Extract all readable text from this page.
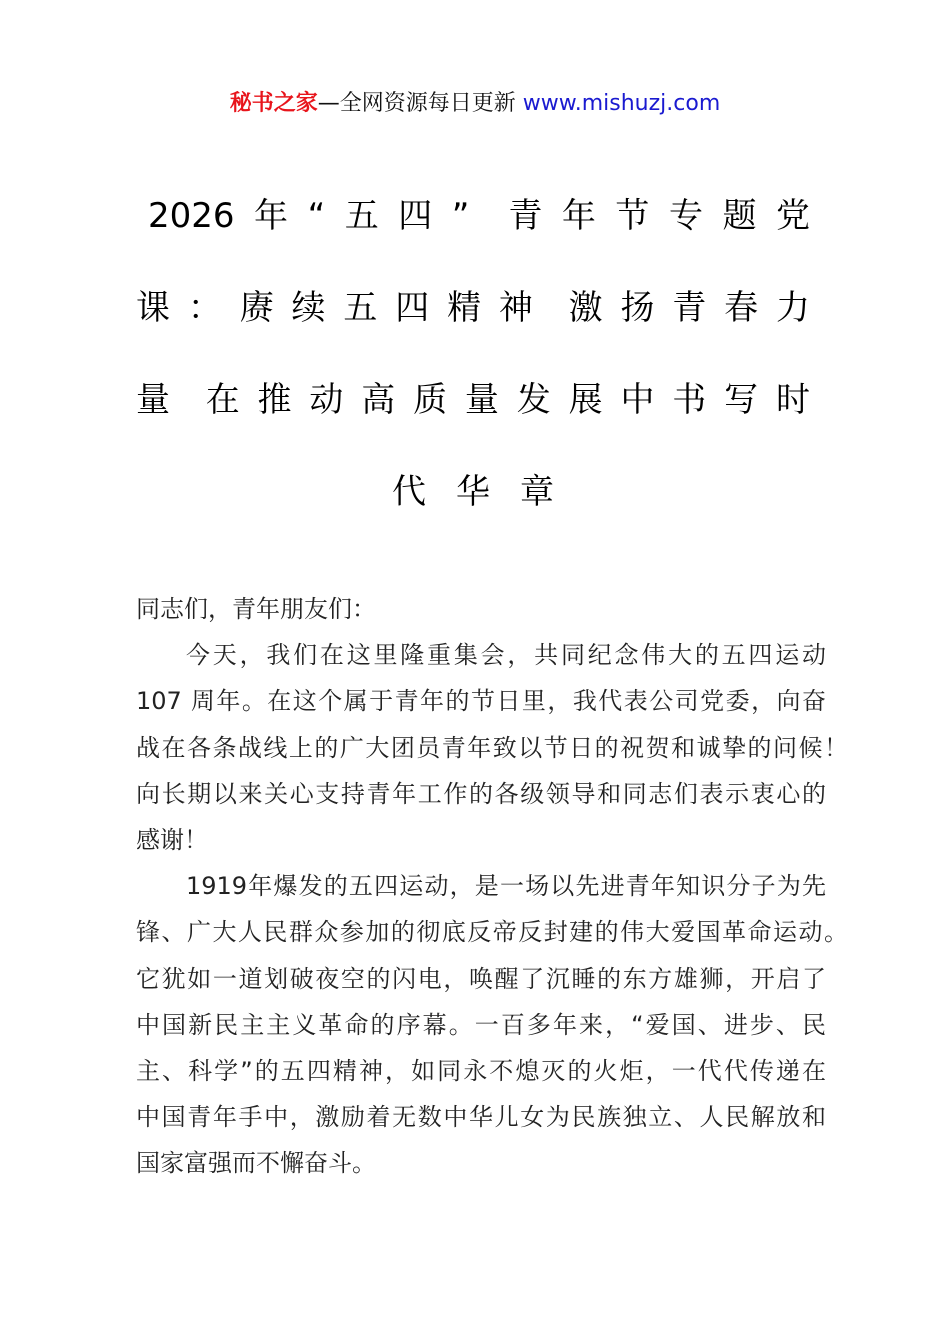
秘书之家—全网资源每日更新 www.mishuzj.com
2026 年 “ 五 四 ” 青 年 节 专 题 党
课 ： 赓 续 五 四 精 神 激 扬 青 春 力
量 在 推 动 高 质 量 发 展 中 书 写 时
代 华 章
同志们，青年朋友们：
今天，我们在这里隆重集会，共同纪念伟大的五四运动
107 周年。在这个属于青年的节日里，我代表公司党委，向奋
战在各条战线上的广大团员青年致以节日的祝贺和诚挚的问候！
向长期以来关心支持青年工作的各级领导和同志们表示衷心的
感谢！
1919年爆发的五四运动，是一场以先进青年知识分子为先
锋、广大人民群众参加的彻底反帝反封建的伟大爱国革命运动。
它犹如一道划破夜空的闪电，唤醒了沉睡的东方雄狮，开启了
中国新民主主义革命的序幕。一百多年来，“爱国、进步、民
主、科学”的五四精神，如同永不熄灭的火炬，一代代传递在
中国青年手中，激励着无数中华儿女为民族独立、人民解放和
国家富强而不懈奋斗。
